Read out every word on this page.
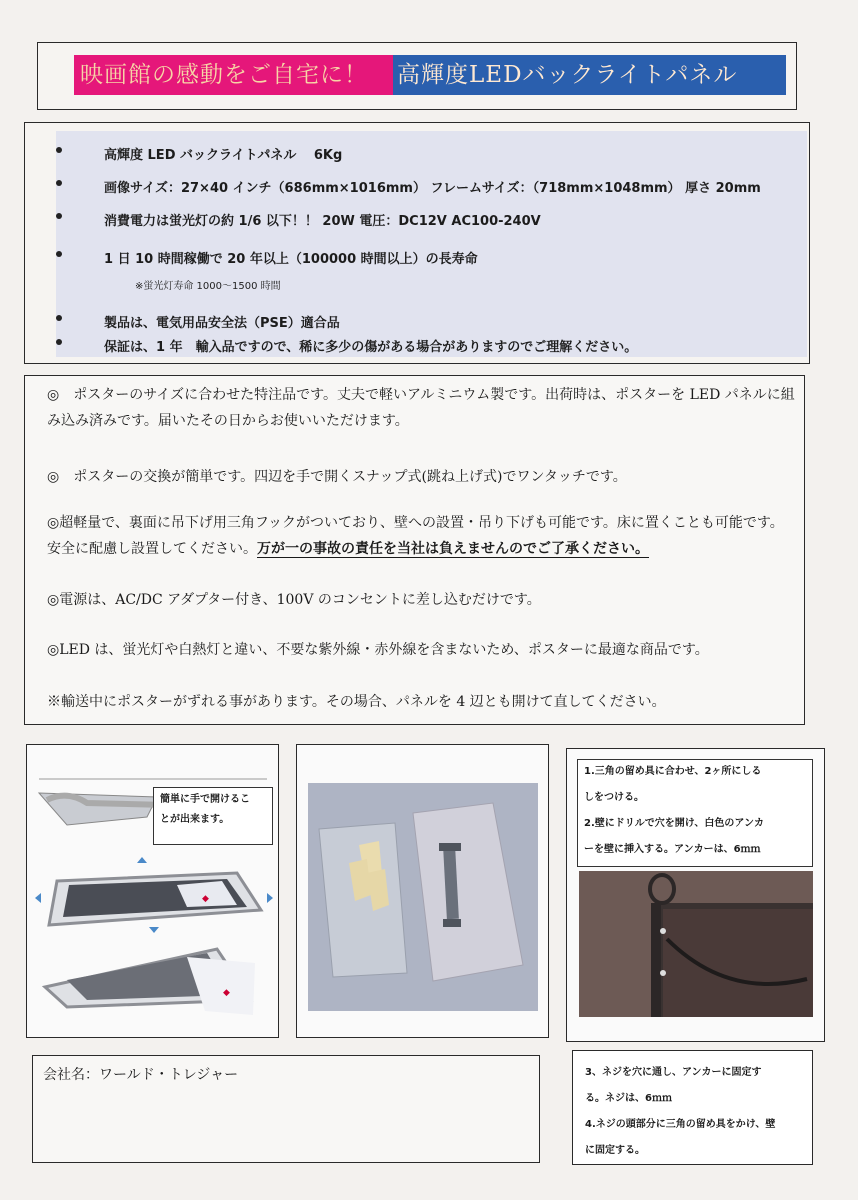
映画館の感動をご自宅に！	高輝度LEDバックライトパネル
高輝度 LED バックライトパネル　 6Kg
画像サイズ：27×40 インチ（686mm×1016mm） フレームサイズ：（718mm×1048mm） 厚さ 20mm
消費電力は蛍光灯の約 1/6 以下！！ 20W 電圧：DC12V AC100-240V
1 日 10 時間稼働で 20 年以上（100000 時間以上）の長寿命
※蛍光灯寿命 1000〜1500 時間
製品は、電気用品安全法（PSE）適合品
保証は、1 年　輸入品ですので、稀に多少の傷がある場合がありますのでご理解ください。
◎　ポスターのサイズに合わせた特注品です。丈夫で軽いアルミニウム製です。出荷時は、ポスターを LED パネルに組み込み済みです。届いたその日からお使いいただけます。
◎　ポスターの交換が簡単です。四辺を手で開くスナップ式(跳ね上げ式)でワンタッチです。
◎超軽量で、裏面に吊下げ用三角フックがついており、壁への設置・吊り下げも可能です。床に置くことも可能です。安全に配慮し設置してください。万が一の事故の責任を当社は負えませんのでご了承ください。
◎電源は、AC/DC アダプター付き、100V のコンセントに差し込むだけです。
◎LED は、蛍光灯や白熱灯と違い、不要な紫外線・赤外線を含まないため、ポスターに最適な商品です。
※輸送中にポスターがずれる事があります。その場合、パネルを 4 辺とも開けて直してください。
◆
◆
簡単に手で開けるこ
とが出来ます。
1.三角の留め具に合わせ、2ヶ所にしる
しをつける。
2.壁にドリルで穴を開け、白色のアンカ
ーを壁に挿入する。アンカーは、6ｍｍ
会社名：ワールド・トレジャー	3、ネジを穴に通し、アンカーに固定す
る。ネジは、6ｍｍ
4.ネジの頭部分に三角の留め具をかけ、壁
に固定する。
